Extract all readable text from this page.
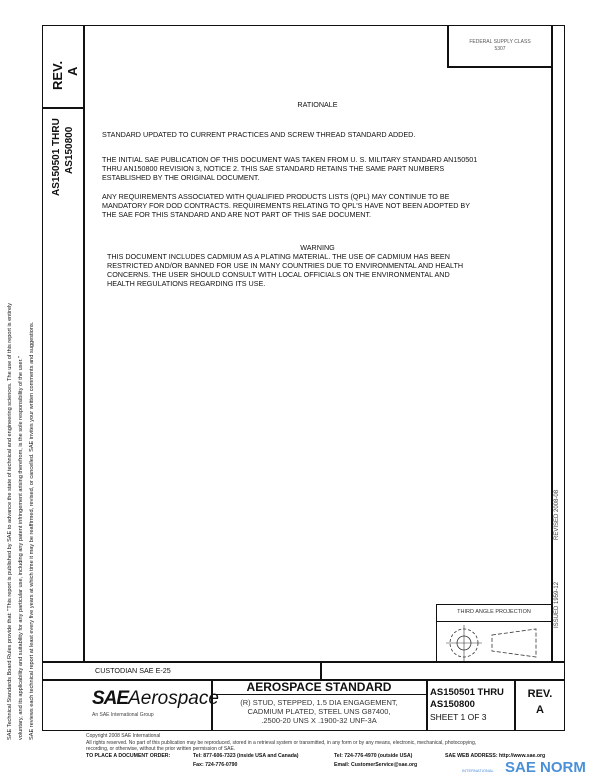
SAE Technical Standards Board Rules provide that: "This report is published by SAE to advance the state of technical and engineering sciences. The use of this report is entirely voluntary, and its applicability and suitability for any particular use, including any patent infringement arising therefrom, is the sole responsibility of the user." SAE reviews each technical report at least every five years at which time it may be reaffirmed, revised, or cancelled. SAE invites your written comments and suggestions.
REV. A
AS150501 THRU AS150800
FEDERAL SUPPLY CLASS
5307
RATIONALE
STANDARD UPDATED TO CURRENT PRACTICES AND SCREW THREAD STANDARD ADDED.
THE INITIAL SAE PUBLICATION OF THIS DOCUMENT WAS TAKEN FROM U. S. MILITARY STANDARD AN150501
THRU AN150800 REVISION 3, NOTICE 2. THIS SAE STANDARD RETAINS THE SAME PART NUMBERS
ESTABLISHED BY THE ORIGINAL DOCUMENT.
ANY REQUIREMENTS ASSOCIATED WITH QUALIFIED PRODUCTS LISTS (QPL) MAY CONTINUE TO BE
MANDATORY FOR DOD CONTRACTS. REQUIREMENTS RELATING TO QPL'S HAVE NOT BEEN ADOPTED BY
THE SAE FOR THIS STANDARD AND ARE NOT PART OF THIS SAE DOCUMENT.
WARNING
THIS DOCUMENT INCLUDES CADMIUM AS A PLATING MATERIAL. THE USE OF CADMIUM HAS BEEN
RESTRICTED AND/OR BANNED FOR USE IN MANY COUNTRIES DUE TO ENVIRONMENTAL AND HEALTH
CONCERNS. THE USER SHOULD CONSULT WITH LOCAL OFFICIALS ON THE ENVIRONMENTAL AND
HEALTH REGULATIONS REGARDING ITS USE.
REVISED 2008-08
ISSUED 1959-12
THIRD ANGLE PROJECTION
CUSTODIAN SAE E-25
SAEAerospace
An SAE International Group
AEROSPACE STANDARD
(R) STUD, STEPPED, 1.5 DIA ENGAGEMENT,
CADMIUM PLATED, STEEL UNS G87400,
.2500-20 UNS X .1900-32 UNF-3A
AS150501 THRU
AS150800
SHEET 1 OF 3
REV.
A
Copyright 2008 SAE International
All rights reserved. No part of this publication may be reproduced, stored in a retrieval system or transmitted, in any form or by any means, electronic, mechanical, photocopying,
recording, or otherwise, without the prior written permission of SAE.
TO PLACE A DOCUMENT ORDER:	Tel: 877-606-7323 (inside USA and Canada)
Fax: 724-776-0790
Tel: 724-776-4970 (outside USA)
Email: CustomerService@sae.org
SAE WEB ADDRESS: http://www.sae.org
SAE NORM
INTERNATIONAL
